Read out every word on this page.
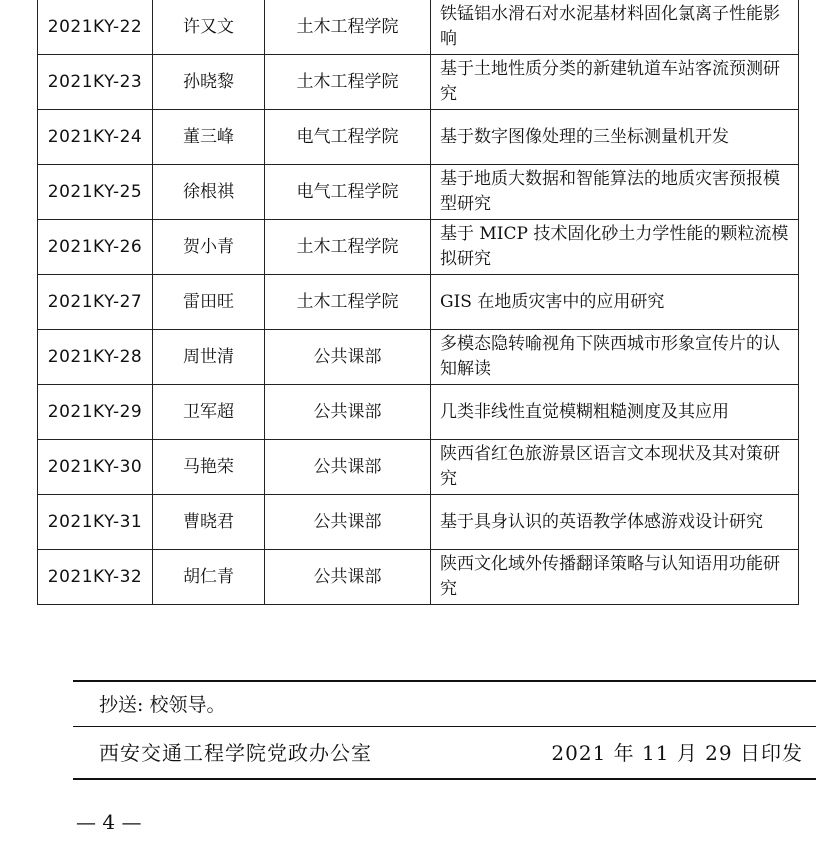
2021KY-22	许又文	土木工程学院	铁锰铝水滑石对水泥基材料固化氯离子性能影响
2021KY-23	孙晓黎	土木工程学院	基于土地性质分类的新建轨道车站客流预测研究
2021KY-24	董三峰	电气工程学院	基于数字图像处理的三坐标测量机开发
2021KY-25	徐根祺	电气工程学院	基于地质大数据和智能算法的地质灾害预报模型研究
2021KY-26	贺小青	土木工程学院	基于 MICP 技术固化砂土力学性能的颗粒流模拟研究
2021KY-27	雷田旺	土木工程学院	GIS 在地质灾害中的应用研究
2021KY-28	周世清	公共课部	多模态隐转喻视角下陕西城市形象宣传片的认知解读
2021KY-29	卫军超	公共课部	几类非线性直觉模糊粗糙测度及其应用
2021KY-30	马艳荣	公共课部	陕西省红色旅游景区语言文本现状及其对策研究
2021KY-31	曹晓君	公共课部	基于具身认识的英语教学体感游戏设计研究
2021KY-32	胡仁青	公共课部	陕西文化域外传播翻译策略与认知语用功能研究
抄送: 校领导。
西安交通工程学院党政办公室	2021 年 11 月 29 日印发
— 4 —
